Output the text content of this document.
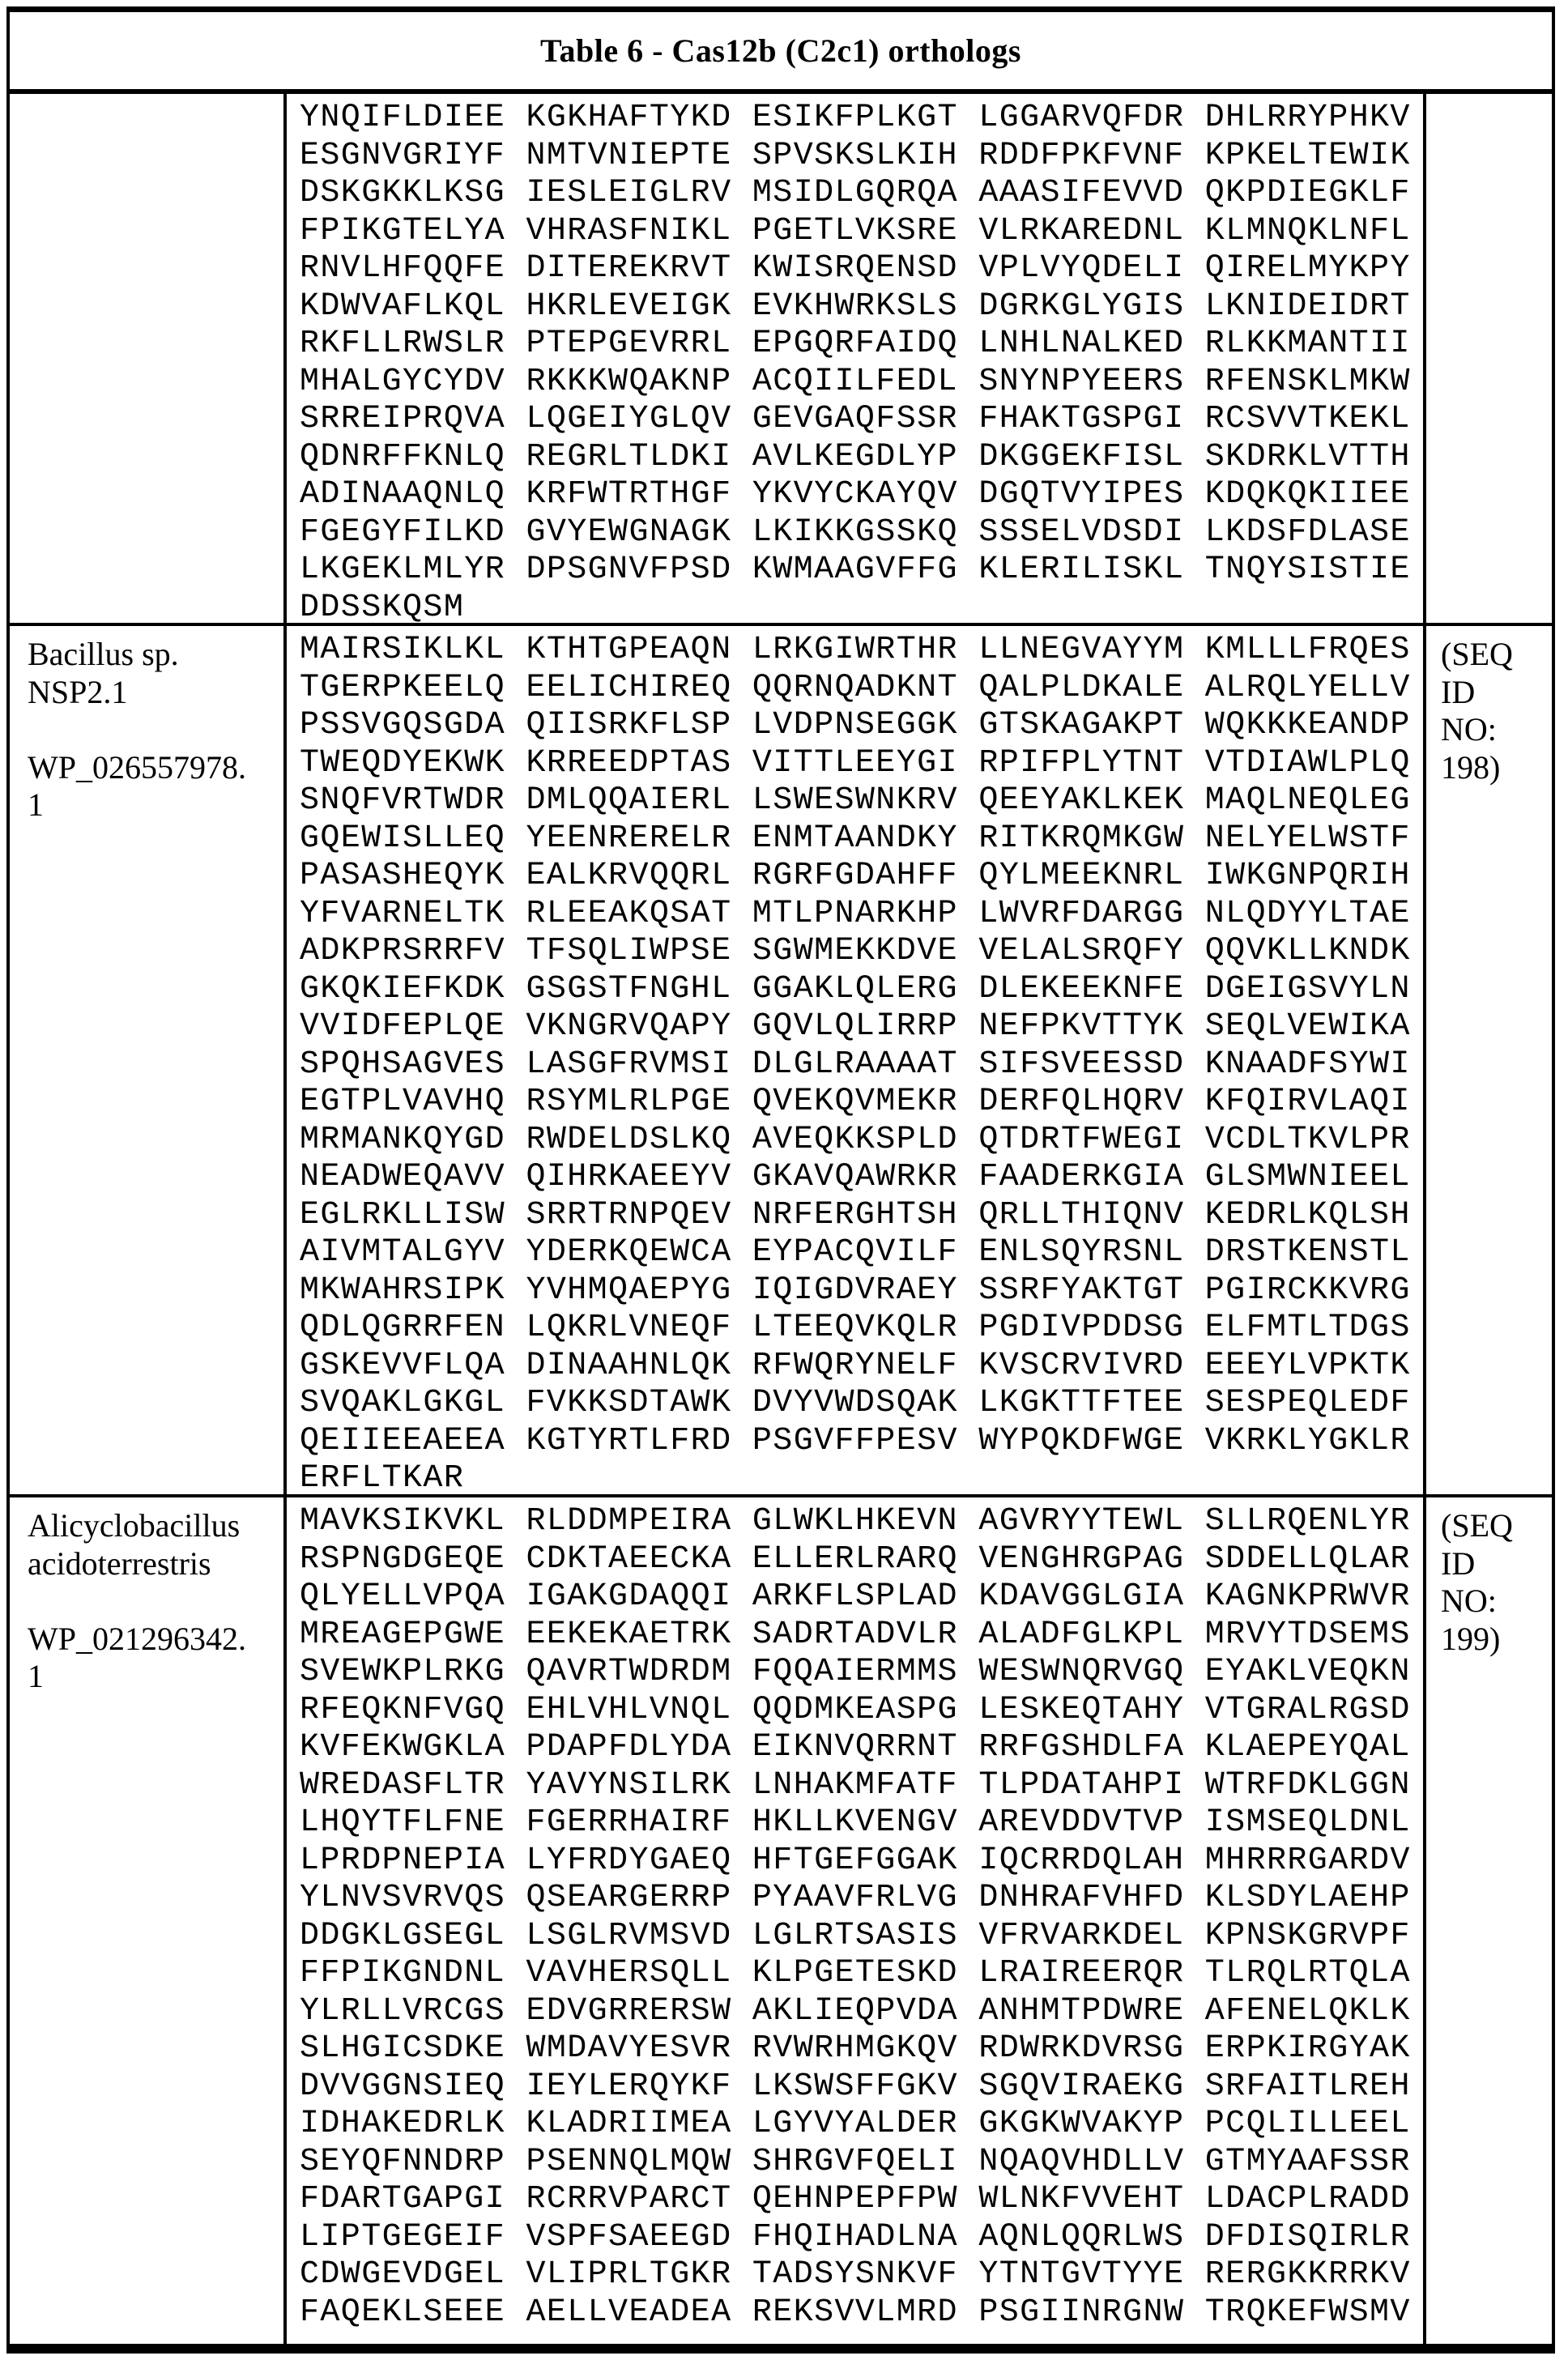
Table 6 - Cas12b (C2c1) orthologs
YNQIFLDIEE KGKHAFTYKD ESIKFPLKGT LGGARVQFDR DHLRRYPHKV
ESGNVGRIYF NMTVNIEPTE SPVSKSLKIH RDDFPKFVNF KPKELTEWIK
DSKGKKLKSG IESLEIGLRV MSIDLGQRQA AAASIFEVVD QKPDIEGKLF
FPIKGTELYA VHRASFNIKL PGETLVKSRE VLRKAREDNL KLMNQKLNFL
RNVLHFQQFE DITEREKRVT KWISRQENSD VPLVYQDELI QIRELMYKPY
KDWVAFLKQL HKRLEVEIGK EVKHWRKSLS DGRKGLYGIS LKNIDEIDRT
RKFLLRWSLR PTEPGEVRRL EPGQRFAIDQ LNHLNALKED RLKKMANTII
MHALGYCYDV RKKKWQAKNP ACQIILFEDL SNYNPYEERS RFENSKLMKW
SRREIPRQVA LQGEIYGLQV GEVGAQFSSR FHAKTGSPGI RCSVVTKEKL
QDNRFFKNLQ REGRLTLDKI AVLKEGDLYP DKGGEKFISL SKDRKLVTTH
ADINAAQNLQ KRFWTRTHGF YKVYCKAYQV DGQTVYIPES KDQKQKIIEE
FGEGYFILKD GVYEWGNAGK LKIKKGSSKQ SSSELVDSDI LKDSFDLASE
LKGEKLMLYR DPSGNVFPSD KWMAAGVFFG KLERILISKL TNQYSISTIE
DDSSKQSM
Bacillus sp.
NSP2.1

WP_026557978.
1
MAIRSIKLKL KTHTGPEAQN LRKGIWRTHR LLNEGVAYYM KMLLLFRQES
TGERPKEELQ EELICHIREQ QQRNQADKNT QALPLDKALE ALRQLYELLV
PSSVGQSGDA QIISRKFLSP LVDPNSEGGK GTSKAGAKPT WQKKKEANDP
TWEQDYEKWK KRREEDPTAS VITTLEEYGI RPIFPLYTNT VTDIAWLPLQ
SNQFVRTWDR DMLQQAIERL LSWESWNKRV QEEYAKLKEK MAQLNEQLEG
GQEWISLLEQ YEENRERELR ENMTAANDKY RITKRQMKGW NELYELWSTF
PASASHEQYK EALKRVQQRL RGRFGDAHFF QYLMEEKNRL IWKGNPQRIH
YFVARNELTK RLEEAKQSAT MTLPNARKHP LWVRFDARGG NLQDYYLTAE
ADKPRSRRFV TFSQLIWPSE SGWMEKKDVE VELALSRQFY QQVKLLKNDK
GKQKIEFKDK GSGSTFNGHL GGAKLQLERG DLEKEEKNFE DGEIGSVYLN
VVIDFEPLQE VKNGRVQAPY GQVLQLIRRP NEFPKVTTYK SEQLVEWIKA
SPQHSAGVES LASGFRVMSI DLGLRAAAAT SIFSVEESSD KNAADFSYWI
EGTPLVAVHQ RSYMLRLPGE QVEKQVMEKR DERFQLHQRV KFQIRVLAQI
MRMANKQYGD RWDELDSLKQ AVEQKKSPLD QTDRTFWEGI VCDLTKVLPR
NEADWEQAVV QIHRKAEEYV GKAVQAWRKR FAADERKGIA GLSMWNIEEL
EGLRKLLISW SRRTRNPQEV NRFERGHTSH QRLLTHIQNV KEDRLKQLSH
AIVMTALGYV YDERKQEWCA EYPACQVILF ENLSQYRSNL DRSTKENSTL
MKWAHRSIPK YVHMQAEPYG IQIGDVRAEY SSRFYAKTGT PGIRCKKVRG
QDLQGRRFEN LQKRLVNEQF LTEEQVKQLR PGDIVPDDSG ELFMTLTDGS
GSKEVVFLQA DINAAHNLQK RFWQRYNELF KVSCRVIVRD EEEYLVPKTK
SVQAKLGKGL FVKKSDTAWK DVYVWDSQAK LKGKTTFTEE SESPEQLEDF
QEIIEEAEEA KGTYRTLFRD PSGVFFPESV WYPQKDFWGE VKRKLYGKLR
ERFLTKAR
(SEQ
ID
NO:
198)
Alicyclobacillus
acidoterrestris

WP_021296342.
1
MAVKSIKVKL RLDDMPEIRA GLWKLHKEVN AGVRYYTEWL SLLRQENLYR
RSPNGDGEQE CDKTAEECKA ELLERLRARQ VENGHRGPAG SDDELLQLAR
QLYELLVPQA IGAKGDAQQI ARKFLSPLAD KDAVGGLGIA KAGNKPRWVR
MREAGEPGWE EEKEKAETRK SADRTADVLR ALADFGLKPL MRVYTDSEMS
SVEWKPLRKG QAVRTWDRDM FQQAIERMMS WESWNQRVGQ EYAKLVEQKN
RFEQKNFVGQ EHLVHLVNQL QQDMKEASPG LESKEQTAHY VTGRALRGSD
KVFEKWGKLA PDAPFDLYDA EIKNVQRRNT RRFGSHDLFA KLAEPEYQAL
WREDASFLTR YAVYNSILRK LNHAKMFATF TLPDATAHPI WTRFDKLGGN
LHQYTFLFNE FGERRHAIRF HKLLKVENGV AREVDDVTVP ISMSEQLDNL
LPRDPNEPIA LYFRDYGAEQ HFTGEFGGAK IQCRRDQLAH MHRRRGARDV
YLNVSVRVQS QSEARGERRP PYAAVFRLVG DNHRAFVHFD KLSDYLAEHP
DDGKLGSEGL LSGLRVMSVD LGLRTSASIS VFRVARKDEL KPNSKGRVPF
FFPIKGNDNL VAVHERSQLL KLPGETESKD LRAIREERQR TLRQLRTQLA
YLRLLVRCGS EDVGRRERSW AKLIEQPVDA ANHMTPDWRE AFENELQKLK
SLHGICSDKE WMDAVYESVR RVWRHMGKQV RDWRKDVRSG ERPKIRGYAK
DVVGGNSIEQ IEYLERQYKF LKSWSFFGKV SGQVIRAEKG SRFAITLREH
IDHAKEDRLK KLADRIIMEA LGYVYALDER GKGKWVAKYP PCQLILLEEL
SEYQFNNDRP PSENNQLMQW SHRGVFQELI NQAQVHDLLV GTMYAAFSSR
FDARTGAPGI RCRRVPARCT QEHNPEPFPW WLNKFVVEHT LDACPLRADD
LIPTGEGEIF VSPFSAEEGD FHQIHADLNA AQNLQQRLWS DFDISQIRLR
CDWGEVDGEL VLIPRLTGKR TADSYSNKVF YTNTGVTYYE RERGKKRRKV
FAQEKLSEEE AELLVEADEA REKSVVLMRD PSGIINRGNW TRQKEFWSMV
(SEQ
ID
NO:
199)
